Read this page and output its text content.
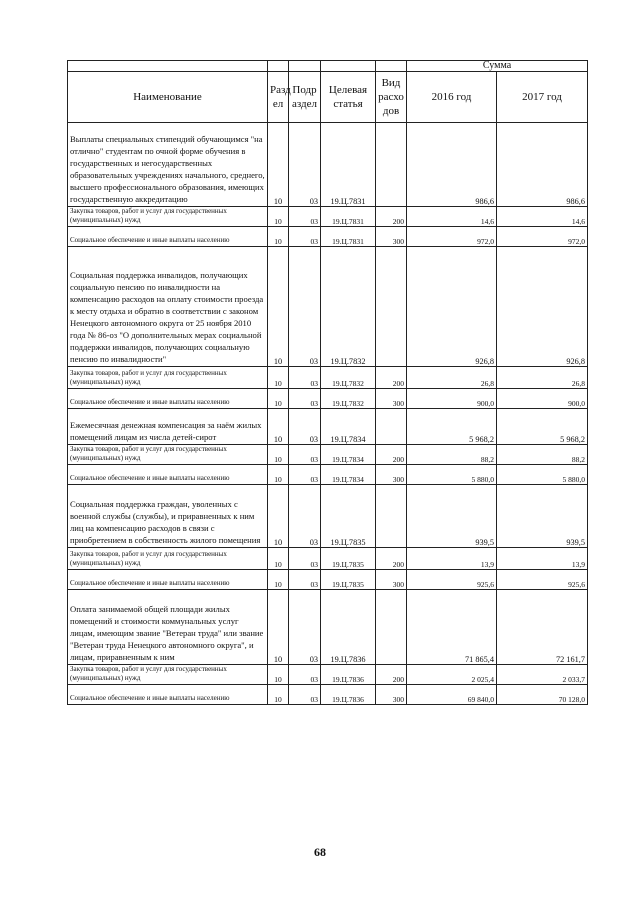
					Сумма	
Наименование	Разд ел	Подр аздел	Целевая статья	Вид расхо дов	2016 год	2017 год
Выплаты специальных стипендий обучающимся "на отлично" студентам по очной форме обучения в государственных и негосударственных образовательных учреждениях начального, среднего, высшего профессионального образования, имеющих государственную аккредитацию	10	03	19.Ц.7831		986,6	986,6
Закупка товаров, работ и услуг для государственных (муниципальных) нужд	10	03	19.Ц.7831	200	14,6	14,6
Социальное обеспечение и иные выплаты населению	10	03	19.Ц.7831	300	972,0	972,0
Социальная поддержка инвалидов, получающих социальную пенсию по инвалидности на компенсацию расходов на оплату стоимости проезда к месту отдыха и обратно в соответствии с законом Ненецкого автономного округа от 25 ноября 2010 года № 86-оз "О дополнительных мерах социальной поддержки инвалидов, получающих социальную пенсию по инвалидности"	10	03	19.Ц.7832		926,8	926,8
Закупка товаров, работ и услуг для государственных (муниципальных) нужд	10	03	19.Ц.7832	200	26,8	26,8
Социальное обеспечение и иные выплаты населению	10	03	19.Ц.7832	300	900,0	900,0
Ежемесячная денежная компенсация за наём жилых помещений лицам из числа детей-сирот	10	03	19.Ц.7834		5 968,2	5 968,2
Закупка товаров, работ и услуг для государственных (муниципальных) нужд	10	03	19.Ц.7834	200	88,2	88,2
Социальное обеспечение и иные выплаты населению	10	03	19.Ц.7834	300	5 880,0	5 880,0
Социальная поддержка граждан, уволенных с военной службы (службы), и приравненных к ним лиц на компенсацию расходов в связи с приобретением в собственность жилого помещения	10	03	19.Ц.7835		939,5	939,5
Закупка товаров, работ и услуг для государственных (муниципальных) нужд	10	03	19.Ц.7835	200	13,9	13,9
Социальное обеспечение и иные выплаты населению	10	03	19.Ц.7835	300	925,6	925,6
Оплата занимаемой общей площади жилых помещений и стоимости коммунальных услуг лицам, имеющим звание "Ветеран труда" или звание "Ветеран труда Ненецкого автономного округа", и лицам, приравненным к ним	10	03	19.Ц.7836		71 865,4	72 161,7
Закупка товаров, работ и услуг для государственных (муниципальных) нужд	10	03	19.Ц.7836	200	2 025,4	2 033,7
Социальное обеспечение и иные выплаты населению	10	03	19.Ц.7836	300	69 840,0	70 128,0
68
